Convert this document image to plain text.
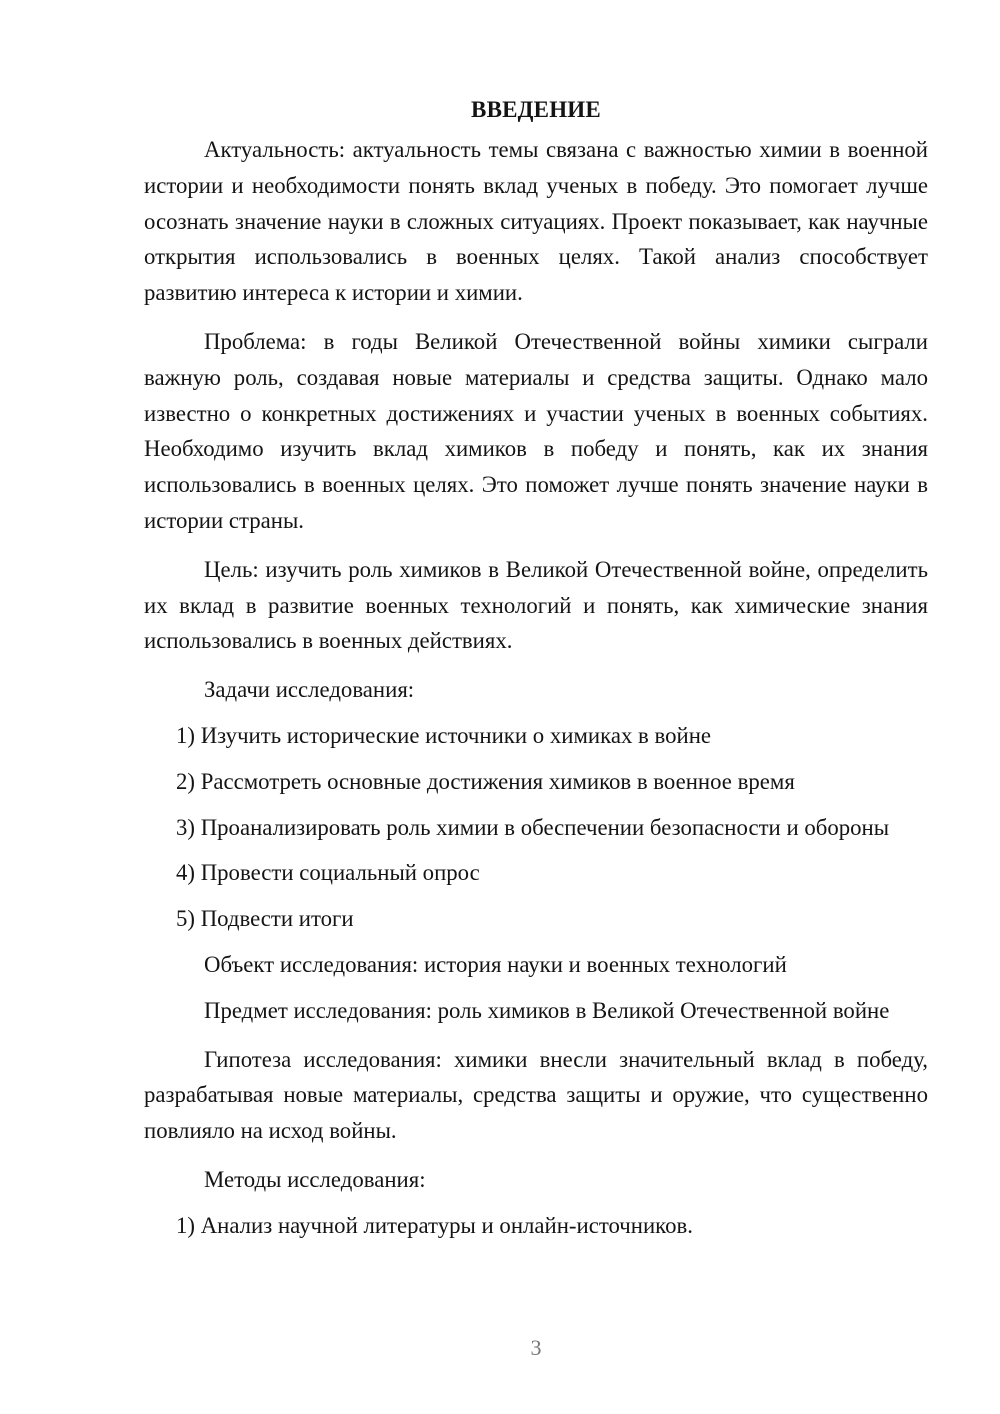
ВВЕДЕНИЕ

Актуальность: актуальность темы связана с важностью химии в военной истории и необходимости понять вклад ученых в победу. Это помогает лучше осознать значение науки в сложных ситуациях. Проект показывает, как научные открытия использовались в военных целях. Такой анализ способствует развитию интереса к истории и химии.

Проблема: в годы Великой Отечественной войны химики сыграли важную роль, создавая новые материалы и средства защиты. Однако мало известно о конкретных достижениях и участии ученых в военных событиях. Необходимо изучить вклад химиков в победу и понять, как их знания использовались в военных целях. Это поможет лучше понять значение науки в истории страны.

Цель: изучить роль химиков в Великой Отечественной войне, определить их вклад в развитие военных технологий и понять, как химические знания использовались в военных действиях.

Задачи исследования:

1) Изучить исторические источники о химиках в войне

2) Рассмотреть основные достижения химиков в военное время

3) Проанализировать роль химии в обеспечении безопасности и обороны

4) Провести социальный опрос

5) Подвести итоги

Объект исследования: история науки и военных технологий

Предмет исследования: роль химиков в Великой Отечественной войне

Гипотеза исследования: химики внесли значительный вклад в победу, разрабатывая новые материалы, средства защиты и оружие, что существенно повлияло на исход войны.

Методы исследования:

1) Анализ научной литературы и онлайн-источников.

3
